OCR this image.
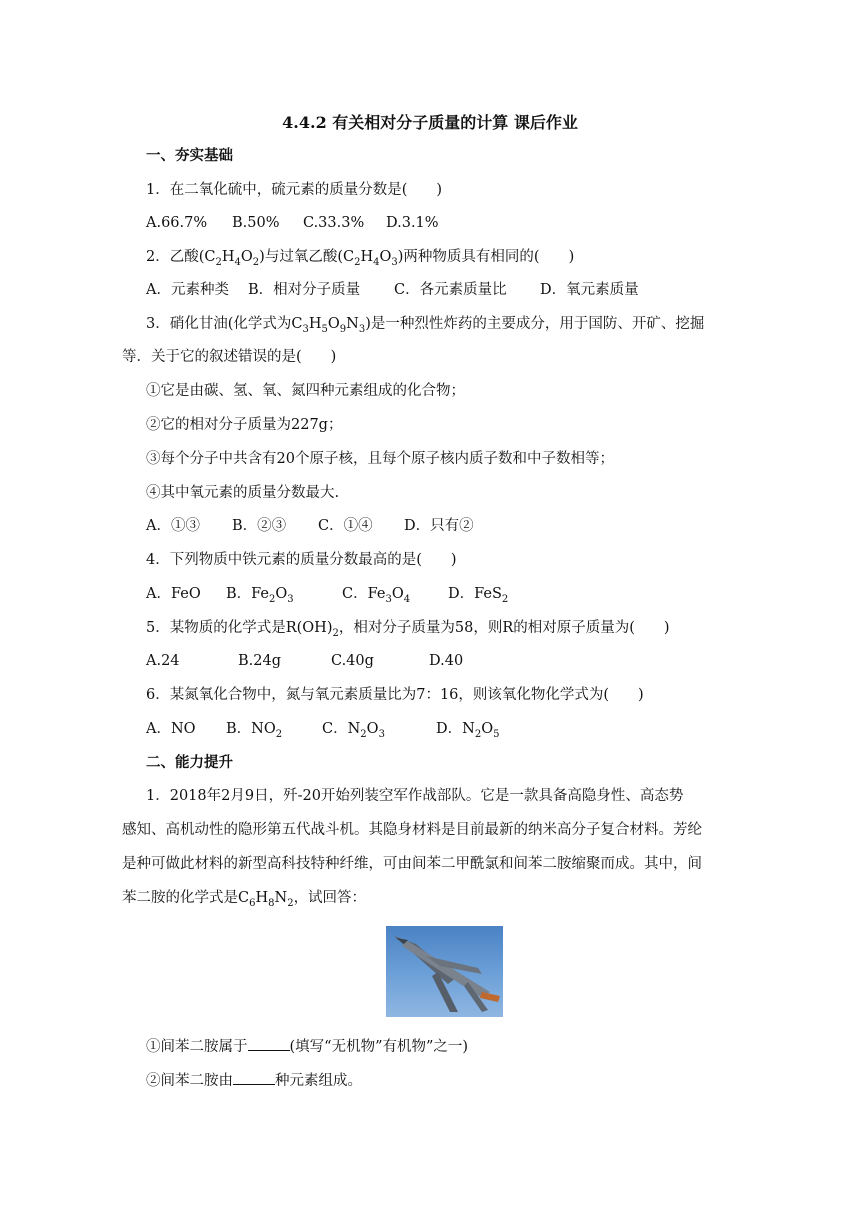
4.4.2 有关相对分子质量的计算 课后作业
一、夯实基础
1．在二氧化硫中，硫元素的质量分数是(　　)
A.66.7% B.50% C.33.3% D.3.1%
2．乙酸$(C_2H_4O_2)$与过氧乙酸$(C_2H_4O_3)$两种物质具有相同的(　　)
A．元素种类 B．相对分子质量 C．各元素质量比 D．氧元素质量
3．硝化甘油(化学式为$C_3H_5O_9N_3$)是一种烈性炸药的主要成分，用于国防、开矿、挖掘
等．关于它的叙述错误的是(　　)
①它是由碳、氢、氧、氮四种元素组成的化合物；
②它的相对分子质量为227g；
③每个分子中共含有20个原子核，且每个原子核内质子数和中子数相等；
④其中氧元素的质量分数最大.
A．①③ B．②③ C．①④ D．只有②
4．下列物质中铁元素的质量分数最高的是(　　)
A．FeO B．$Fe_2O_3$	C．$Fe_3O_4$	D．FeS$_2$
5．某物质的化学式是$R(OH)_2$，相对分子质量为58，则R的相对原子质量为(　　)
A.24	B.24g	C.40g	D.40
6．某氮氧化合物中，氮与氧元素质量比为7：16，则该氧化物化学式为(　　)
A．NO B．$NO_2$	C．$N_2O_3$	D．$N_2O_5$
二、能力提升
1．2018年2月9日，歼-20开始列装空军作战部队。它是一款具备高隐身性、高态势
感知、高机动性的隐形第五代战斗机。其隐身材料是目前最新的纳米高分子复合材料。芳纶
是种可做此材料的新型高科技特种纤维，可由间苯二甲酰氯和间苯二胺缩聚而成。其中，间
苯二胺的化学式是$C_6H_8N_2$，试回答：
①间苯二胺属于	(填写“无机物”有机物”之一)
②间苯二胺由	种元素组成。
